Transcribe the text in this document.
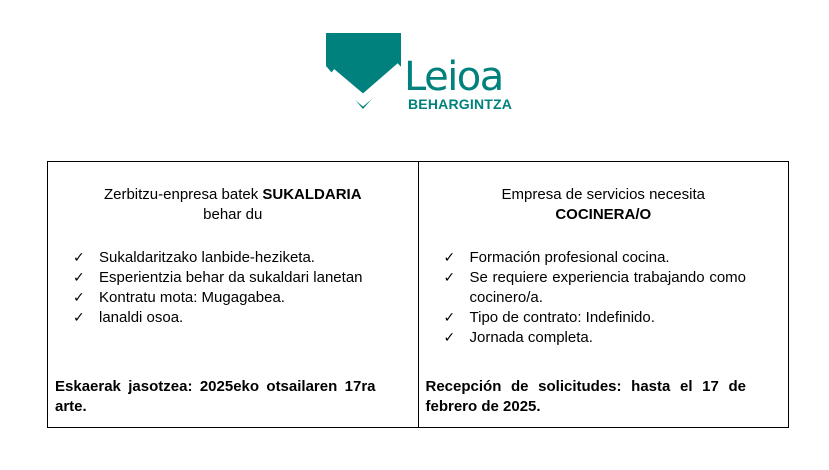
Leioa
BEHARGINTZA
Zerbitzu-enpresa batek SUKALDARIA
behar du
✓ Sukaldaritzako lanbide-heziketa.
✓ Esperientzia behar da sukaldari lanetan
✓ Kontratu mota: Mugagabea.
✓ lanaldi osoa.
Eskaerak jasotzea: 2025eko otsailaren 17ra arte.

Empresa de servicios necesita
COCINERA/O
✓ Formación profesional cocina.
✓ Se requiere experiencia trabajando como cocinero/a.
✓ Tipo de contrato: Indefinido.
✓ Jornada completa.
Recepción de solicitudes: hasta el 17 de febrero de 2025.
